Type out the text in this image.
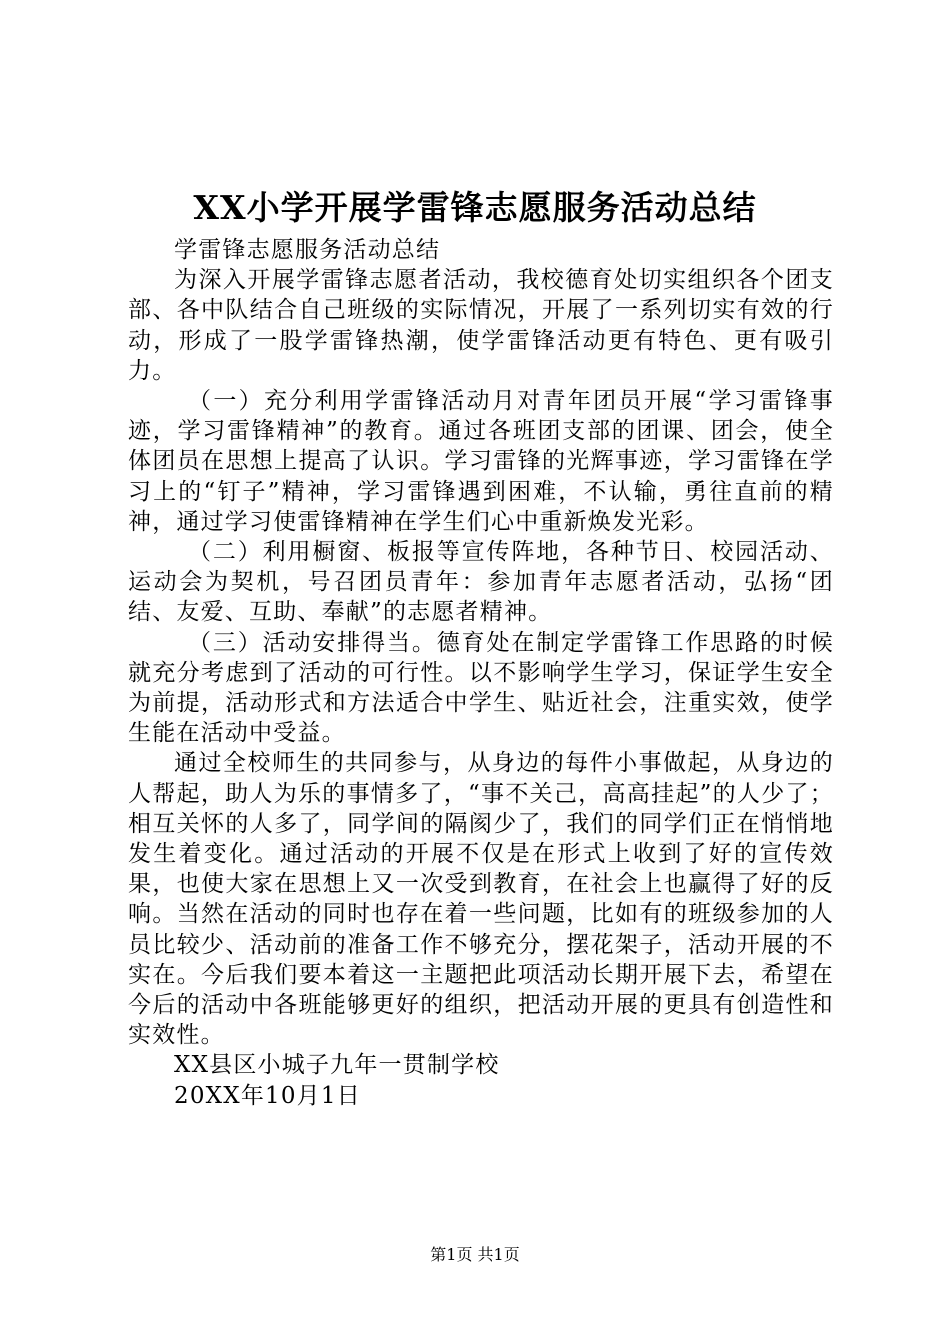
XX小学开展学雷锋志愿服务活动总结

学雷锋志愿服务活动总结

为深入开展学雷锋志愿者活动，我校德育处切实组织各个团支部、各中队结合自己班级的实际情况，开展了一系列切实有效的行动，形成了一股学雷锋热潮，使学雷锋活动更有特色、更有吸引力。

（一）充分利用学雷锋活动月对青年团员开展“学习雷锋事迹，学习雷锋精神”的教育。通过各班团支部的团课、团会，使全体团员在思想上提高了认识。学习雷锋的光辉事迹，学习雷锋在学习上的“钉子”精神，学习雷锋遇到困难，不认输，勇往直前的精神，通过学习使雷锋精神在学生们心中重新焕发光彩。

（二）利用橱窗、板报等宣传阵地，各种节日、校园活动、运动会为契机，号召团员青年：参加青年志愿者活动，弘扬“团结、友爱、互助、奉献”的志愿者精神。

（三）活动安排得当。德育处在制定学雷锋工作思路的时候就充分考虑到了活动的可行性。以不影响学生学习，保证学生安全为前提，活动形式和方法适合中学生、贴近社会，注重实效，使学生能在活动中受益。

通过全校师生的共同参与，从身边的每件小事做起，从身边的人帮起，助人为乐的事情多了，“事不关己，高高挂起”的人少了；相互关怀的人多了，同学间的隔阂少了，我们的同学们正在悄悄地发生着变化。通过活动的开展不仅是在形式上收到了好的宣传效果，也使大家在思想上又一次受到教育，在社会上也赢得了好的反响。当然在活动的同时也存在着一些问题，比如有的班级参加的人员比较少、活动前的准备工作不够充分，摆花架子，活动开展的不实在。今后我们要本着这一主题把此项活动长期开展下去，希望在今后的活动中各班能够更好的组织，把活动开展的更具有创造性和实效性。

XX县区小城子九年一贯制学校

20XX年10月1日

第1页 共1页
